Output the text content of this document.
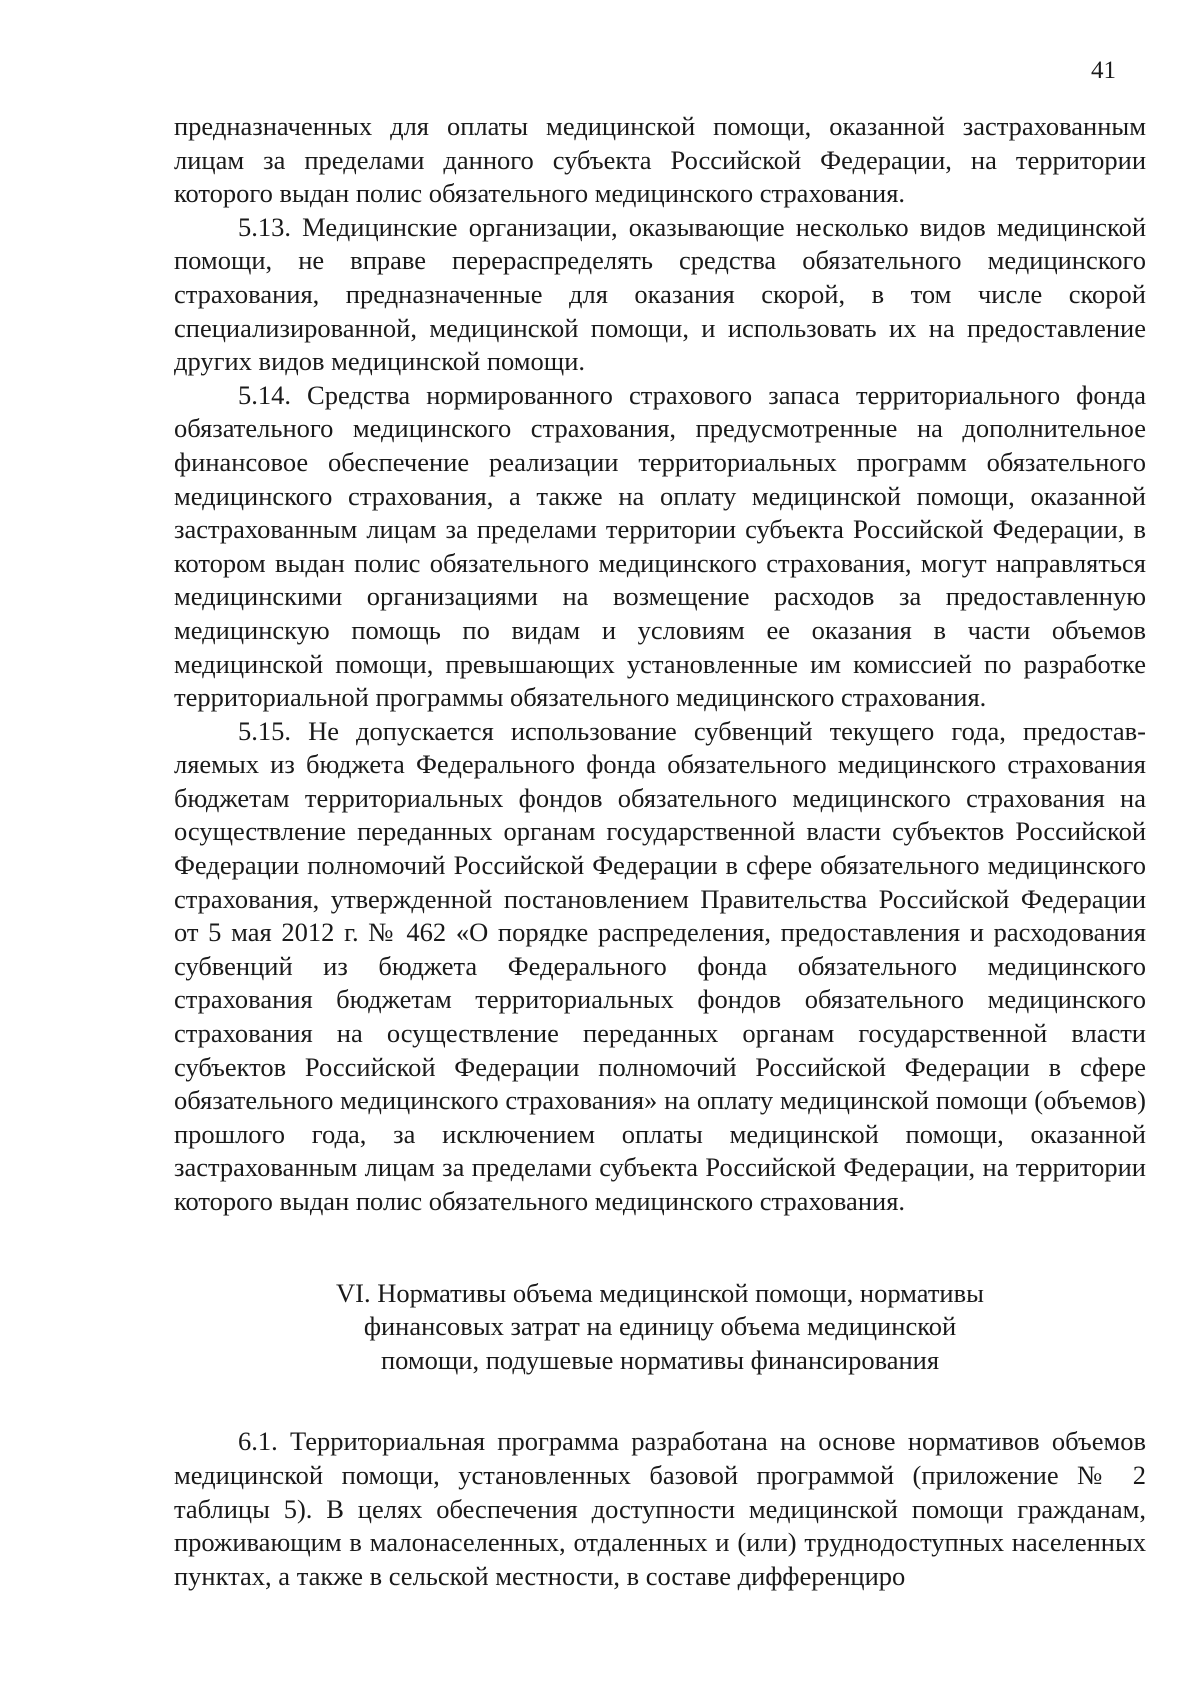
41

предназначенных для оплаты медицинской помощи, оказанной застрахованным лицам за пределами данного субъекта Российской Федерации, на территории которого выдан полис обязательного медицинского страхования.

5.13. Медицинские организации, оказывающие несколько видов медицинской помощи, не вправе перераспределять средства обязательного медицинского страхования, предназначенные для оказания скорой, в том числе скорой специализированной, медицинской помощи, и использовать их на предоставление других видов медицинской помощи.

5.14. Средства нормированного страхового запаса территориального фонда обязательного медицинского страхования, предусмотренные на дополнительное финансовое обеспечение реализации территориальных программ обязательного медицинского страхования, а также на оплату медицинской помощи, оказанной застрахованным лицам за пределами территории субъекта Российской Федерации, в котором выдан полис обязательного медицинского страхования, могут направляться медицинскими организациями на возмещение расходов за предоставленную медицинскую помощь по видам и условиям ее оказания в части объемов медицинской помощи, превышающих установленные им комиссией по разработке территориальной программы обязательного медицинского страхования.

5.15. Не допускается использование субвенций текущего года, предоставляемых из бюджета Федерального фонда обязательного медицинского страхования бюджетам территориальных фондов обязательного медицинского страхования на осуществление переданных органам государственной власти субъектов Российской Федерации полномочий Российской Федерации в сфере обязательного медицинского страхования, утвержденной постановлением Правительства Российской Федерации от 5 мая 2012 г. № 462 «О порядке распределения, предоставления и расходования субвенций из бюджета Федерального фонда обязательного медицинского страхования бюджетам территориальных фондов обязательного медицинского страхования на осуществление переданных органам государственной власти субъектов Российской Федерации полномочий Российской Федерации в сфере обязательного медицинского страхования» на оплату медицинской помощи (объемов) прошлого года, за исключением оплаты медицинской помощи, оказанной застрахованным лицам за пределами субъекта Российской Федерации, на территории которого выдан полис обязательного медицинского страхования.

VI. Нормативы объема медицинской помощи, нормативы
финансовых затрат на единицу объема медицинской
помощи, подушевые нормативы финансирования

6.1. Территориальная программа разработана на основе нормативов объемов медицинской помощи, установленных базовой программой (приложение № 2 таблицы 5). В целях обеспечения доступности медицинской помощи гражданам, проживающим в малонаселенных, отдаленных и (или) труднодоступных населенных пунктах, а также в сельской местности, в составе дифференциро
